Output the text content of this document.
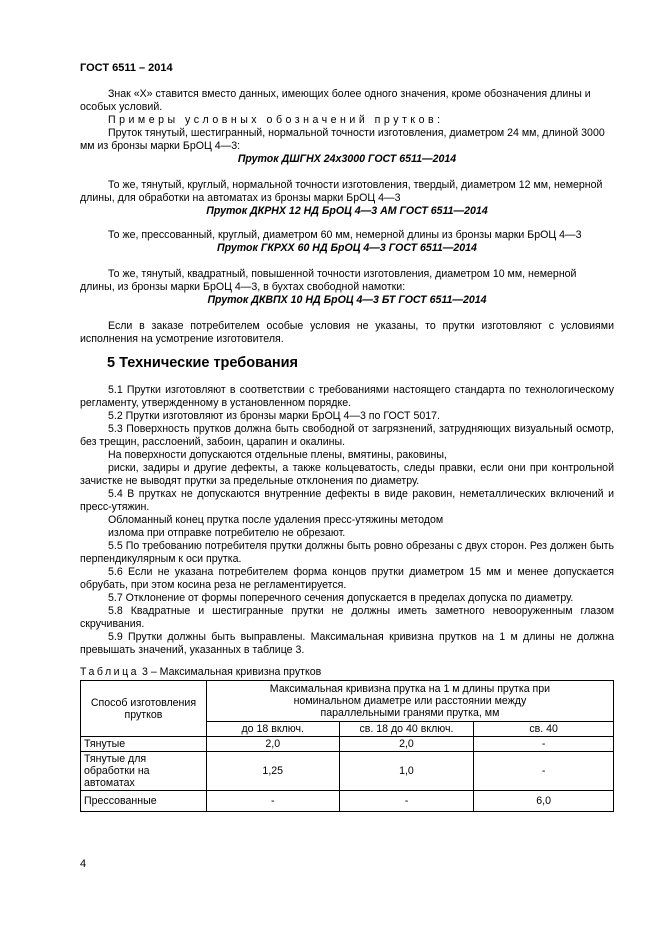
ГОСТ 6511 – 2014

Знак «Х» ставится вместо данных, имеющих более одного значения, кроме обозначения длины и особых условий.

Примеры условных обозначений прутков:

Пруток тянутый, шестигранный, нормальной точности изготовления, диаметром 24 мм, длиной 3000 мм из бронзы марки БрОЦ 4—3:

Пруток ДШГНХ 24х3000 ГОСТ 6511—2014

То же, тянутый, круглый, нормальной точности изготовления, твердый, диаметром 12 мм, немерной длины, для обработки на автоматах из бронзы марки БрОЦ 4—3

Пруток ДКРНХ 12 НД БрОЦ 4—3 АМ ГОСТ 6511—2014

То же, прессованный, круглый, диаметром 60 мм, немерной длины из бронзы марки БрОЦ 4—3

Пруток ГКРХХ 60 НД БрОЦ 4—3 ГОСТ 6511—2014

То же, тянутый, квадратный, повышенной точности изготовления, диаметром 10 мм, немерной длины, из бронзы марки БрОЦ 4—3, в бухтах свободной намотки:

Пруток ДКВПХ 10 НД БрОЦ 4—3 БТ ГОСТ 6511—2014

Если в заказе потребителем особые условия не указаны, то прутки изготовляют с условиями исполнения на усмотрение изготовителя.

5 Технические требования

5.1 Прутки изготовляют в соответствии с требованиями настоящего стандарта по технологическому регламенту, утвержденному в установленном порядке.

5.2 Прутки изготовляют из бронзы марки БрОЦ 4—3 по ГОСТ 5017.

5.3 Поверхность прутков должна быть свободной от загрязнений, затрудняющих визуальный осмотр, без трещин, расслоений, забоин, царапин и окалины.

На поверхности допускаются отдельные плены, вмятины, раковины,

риски, задиры и другие дефекты, а также кольцеватость, следы правки, если они при контрольной зачистке не выводят прутки за предельные отклонения по диаметру.

5.4 В прутках не допускаются внутренние дефекты в виде раковин, неметаллических включений и пресс-утяжин.

Обломанный конец прутка после удаления пресс-утяжины методом

излома при отправке потребителю не обрезают.

5.5 По требованию потребителя прутки должны быть ровно обрезаны с двух сторон. Рез должен быть перпендикулярным к оси прутка.

5.6 Если не указана потребителем форма концов прутки диаметром 15 мм и менее допускается обрубать, при этом косина реза не регламентируется.

5.7 Отклонение от формы поперечного сечения допускается в пределах допуска по диаметру.

5.8 Квадратные и шестигранные прутки не должны иметь заметного невооруженным глазом скручивания.

5.9 Прутки должны быть выправлены. Максимальная кривизна прутков на 1 м длины не должна превышать значений, указанных в таблице 3.

Таблица 3 – Максимальная кривизна прутков
Способ изготовления прутков	Максимальная кривизна прутка на 1 м длины прутка при номинальном диаметре или расстоянии между параллельными гранями прутка, мм		
	до 18 включ.	св. 18 до 40 включ.	св. 40
Тянутые	2,0	2,0	-
Тянутые для обработки на автоматах	1,25	1,0	-
Прессованные	-	-	6,0
4
